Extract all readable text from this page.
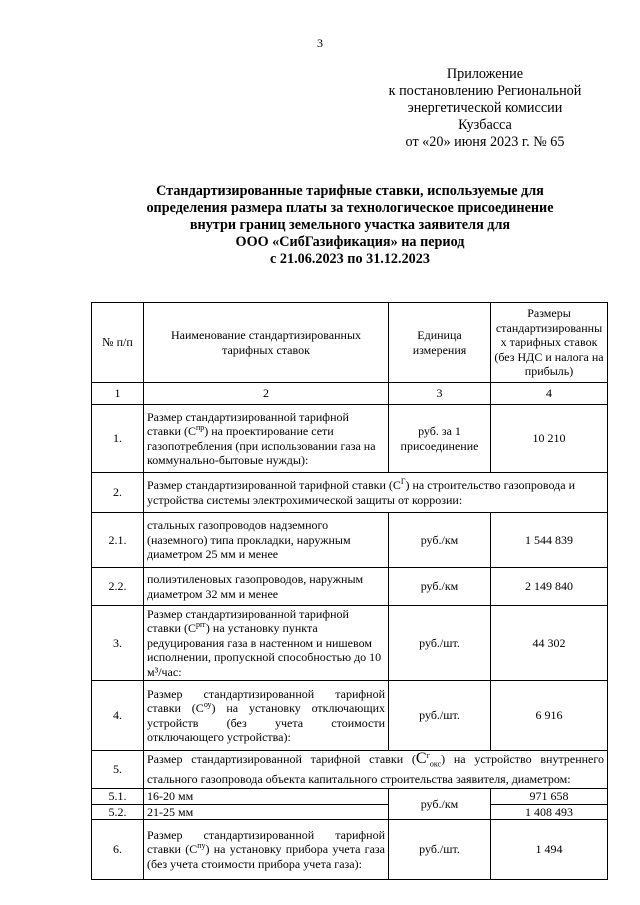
3
Приложение
к постановлению Региональной
энергетической комиссии
Кузбасса
от «20» июня 2023 г. № 65
Стандартизированные тарифные ставки, используемые для
определения размера платы за технологическое присоединение
внутри границ земельного участка заявителя для
ООО «СибГазификация» на период
с 21.06.2023 по 31.12.2023
№ п/п	Наименование стандартизированных тарифных ставок	Единица измерения	Размеры стандартизированны х тарифных ставок (без НДС и налога на прибыль)
1	2	3	4
1.	Размер стандартизированной тарифной ставки $(С^{пр})$ на проектирование сети газопотребления (при использовании газа на коммунально-бытовые нужды):	руб. за 1 присоединение	10 210
2.	Размер стандартизированной тарифной ставки $(С^Г)$ на строительство газопровода и устройства системы электрохимической защиты от коррозии:		
2.1.	стальных газопроводов надземного (наземного) типа прокладки, наружным диаметром 25 мм и менее	руб./км	1 544 839
2.2.	полиэтиленовых газопроводов, наружным диаметром 32 мм и менее	руб./км	2 149 840
3.	Размер стандартизированной тарифной ставки $(С^{prг})$ на установку пункта редуцирования газа в настенном и нишевом исполнении, пропускной способностью до 10 м³/час:	руб./шт.	44 302
4.	Размер стандартизированной тарифной ставки $(С^{оу})$ на установку отключающих устройств (без учета стоимости отключающего устройства):	руб./шт.	6 916
5.	Размер стандартизированной тарифной ставки $(С^г_{окс})$ на устройство внутреннего стального газопровода объекта капитального строительства заявителя, диаметром:		
5.1.	16-20 мм	руб./км	971 658
5.2.	21-25 мм		1 408 493
6.	Размер стандартизированной тарифной ставки $(С^{пу})$ на установку прибора учета газа (без учета стоимости прибора учета газа):	руб./шт.	1 494
